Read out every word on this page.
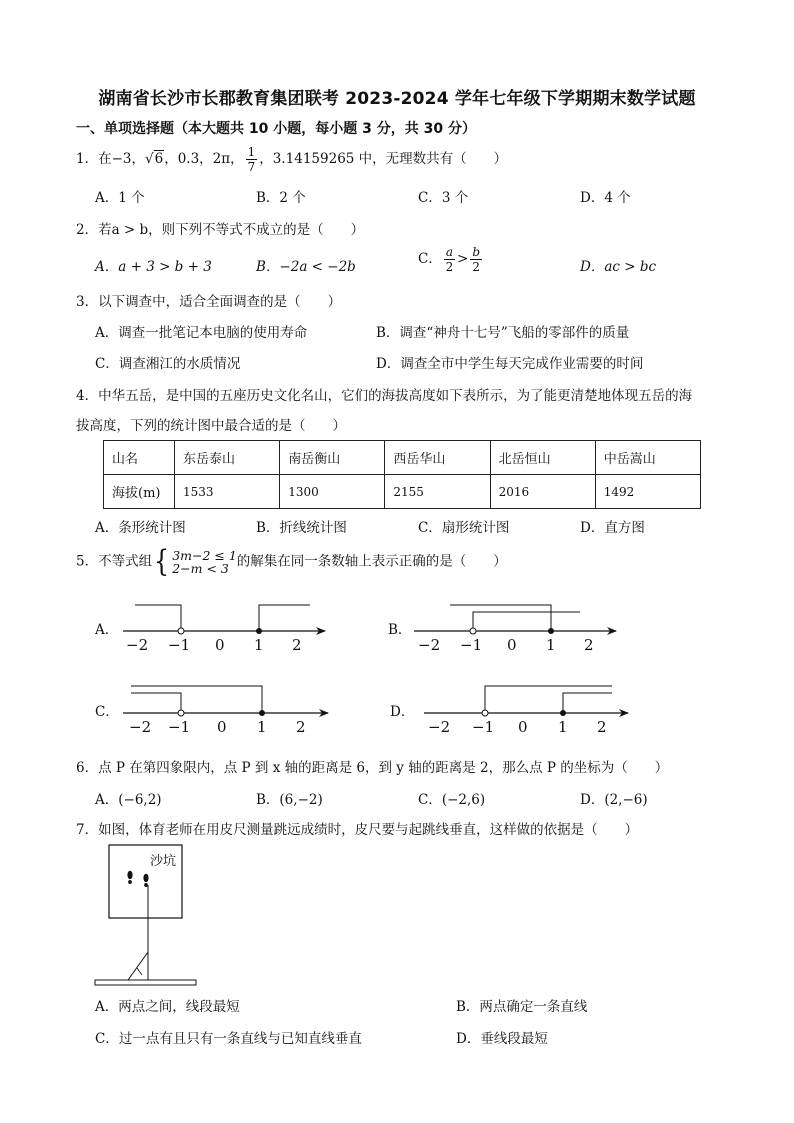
湖南省长沙市长郡教育集团联考 2023-2024 学年七年级下学期期末数学试题
一、单项选择题（本大题共 10 小题，每小题 3 分，共 30 分）
1．在−3，√6，0.3，2π， $\frac{1}{7}$ ，3.14159265 中，无理数共有（　　）
A．1 个	B．2 个	C．3 个	D．4 个
2．若a > b，则下列不等式不成立的是（　　）
A．a + 3 > b + 3	B．−2a < −2b	C． $\frac{a}{2} > \frac{b}{2}$	D．ac > bc
3．以下调查中，适合全面调查的是（　　）
A．调查一批笔记本电脑的使用寿命	B．调查“神舟十七号”飞船的零部件的质量
C．调查湘江的水质情况	D．调查全市中学生每天完成作业需要的时间
4．中华五岳，是中国的五座历史文化名山，它们的海拔高度如下表所示，为了能更清楚地体现五岳的海
拔高度，下列的统计图中最合适的是（　　）
山名	东岳泰山	南岳衡山	西岳华山	北岳恒山	中岳嵩山
海拔(m)	1533	1300	2155	2016	1492
A．条形统计图	B．折线统计图	C．扇形统计图	D．直方图
5．不等式组{ 3m−2 ≤ 1
2−m < 3 的解集在同一条数轴上表示正确的是（　　）
A．	B．
C．	D．
−2 −1 0 1 2	−2 −1 0 1 2
−2 −1 0 1 2	−2 −1 0 1 2
6．点 P 在第四象限内，点 P 到 x 轴的距离是 6，到 y 轴的距离是 2，那么点 P 的坐标为（　　）
A．(−6,2)	B．(6,−2)	C．(−2,6)	D．(2,−6)
7．如图，体育老师在用皮尺测量跳远成绩时，皮尺要与起跳线垂直，这样做的依据是（　　）
沙坑
A．两点之间，线段最短	B．两点确定一条直线
C．过一点有且只有一条直线与已知直线垂直	D．垂线段最短
